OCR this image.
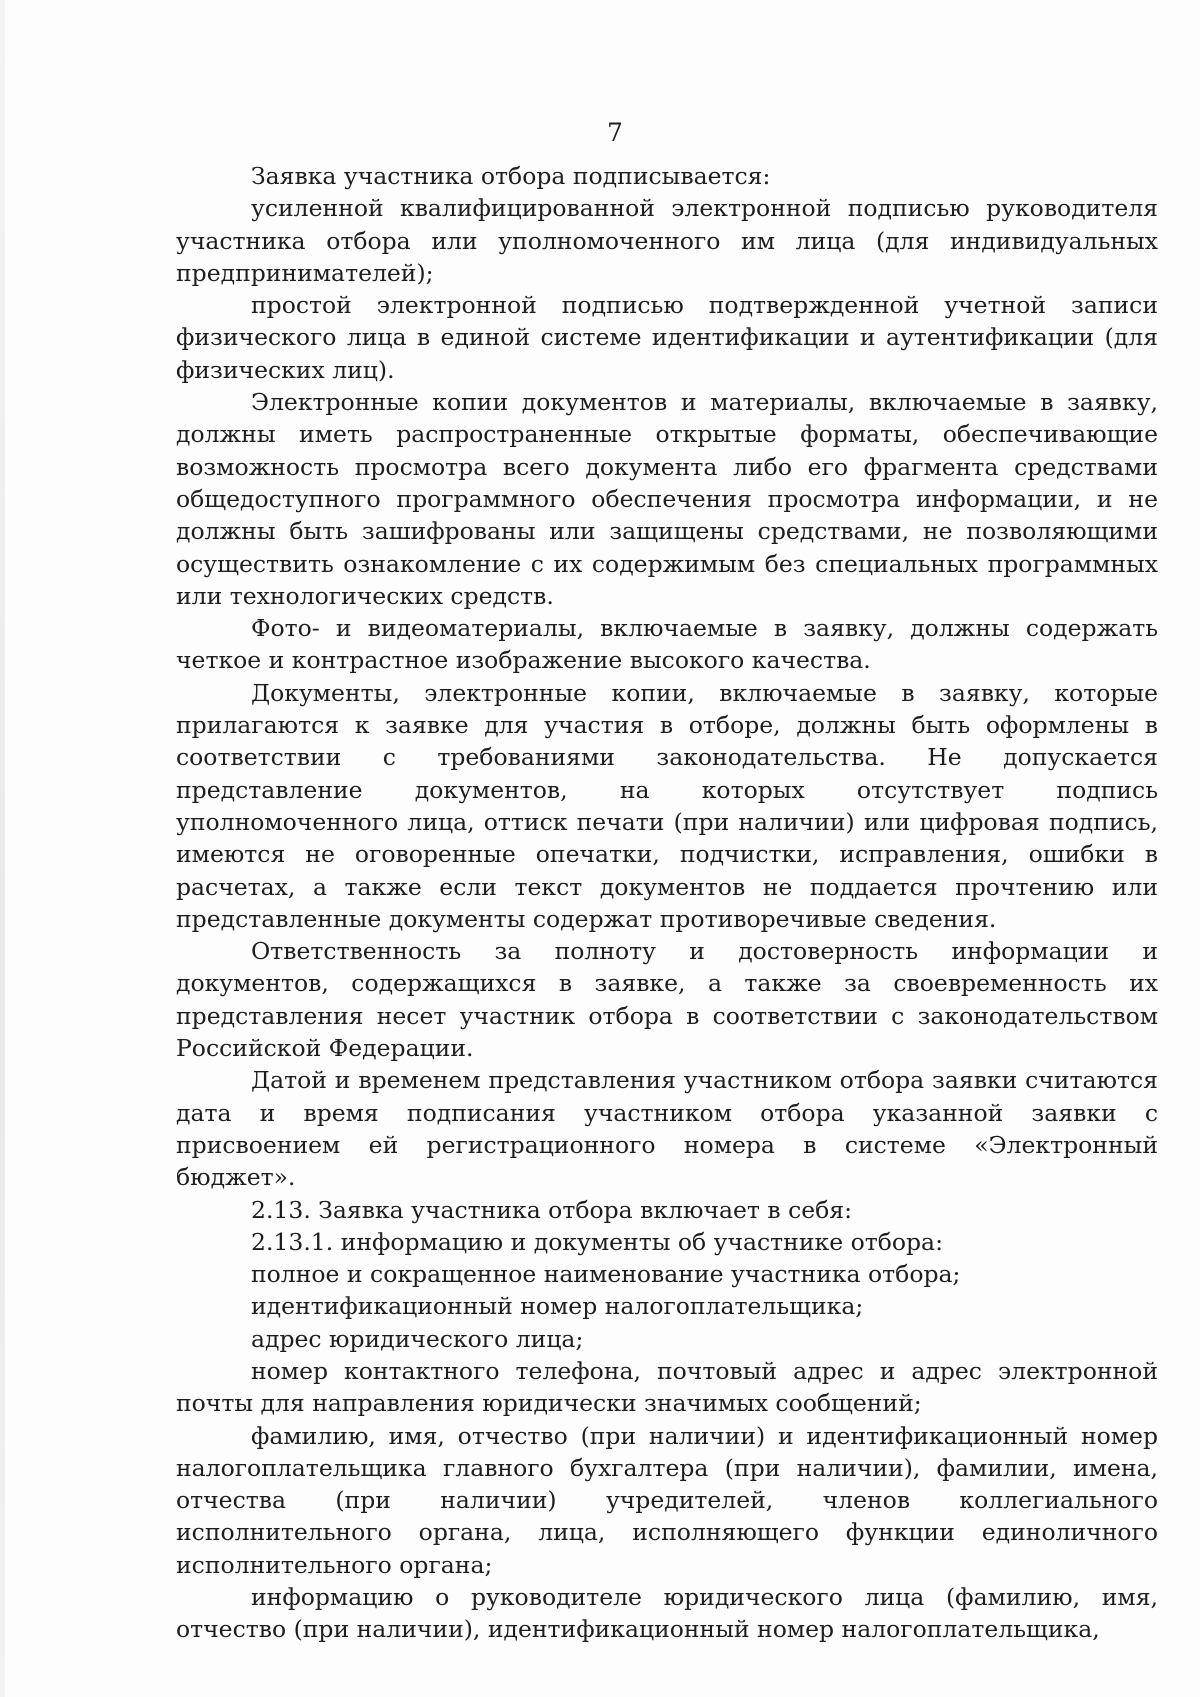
7

Заявка участника отбора подписывается:

усиленной квалифицированной электронной подписью руководителя участника отбора или уполномоченного им лица (для индивидуальных предпринимателей);

простой электронной подписью подтвержденной учетной записи физического лица в единой системе идентификации и аутентификации (для физических лиц).

Электронные копии документов и материалы, включаемые в заявку, должны иметь распространенные открытые форматы, обеспечивающие возможность просмотра всего документа либо его фрагмента средствами общедоступного программного обеспечения просмотра информации, и не должны быть зашифрованы или защищены средствами, не позволяющими осуществить ознакомление с их содержимым без специальных программных или технологических средств.

Фото- и видеоматериалы, включаемые в заявку, должны содержать четкое и контрастное изображение высокого качества.

Документы, электронные копии, включаемые в заявку, которые прилагаются к заявке для участия в отборе, должны быть оформлены в соответствии с требованиями законодательства. Не допускается представление документов, на которых отсутствует подпись уполномоченного лица, оттиск печати (при наличии) или цифровая подпись, имеются не оговоренные опечатки, подчистки, исправления, ошибки в расчетах, а также если текст документов не поддается прочтению или представленные документы содержат противоречивые сведения.

Ответственность за полноту и достоверность информации и документов, содержащихся в заявке, а также за своевременность их представления несет участник отбора в соответствии с законодательством Российской Федерации.

Датой и временем представления участником отбора заявки считаются дата и время подписания участником отбора указанной заявки с присвоением ей регистрационного номера в системе «Электронный бюджет».

2.13. Заявка участника отбора включает в себя:

2.13.1. информацию и документы об участнике отбора:

полное и сокращенное наименование участника отбора;

идентификационный номер налогоплательщика;

адрес юридического лица;

номер контактного телефона, почтовый адрес и адрес электронной почты для направления юридически значимых сообщений;

фамилию, имя, отчество (при наличии) и идентификационный номер налогоплательщика главного бухгалтера (при наличии), фамилии, имена, отчества (при наличии) учредителей, членов коллегиального исполнительного органа, лица, исполняющего функции единоличного исполнительного органа;

информацию о руководителе юридического лица (фамилию, имя, отчество (при наличии), идентификационный номер налогоплательщика,
